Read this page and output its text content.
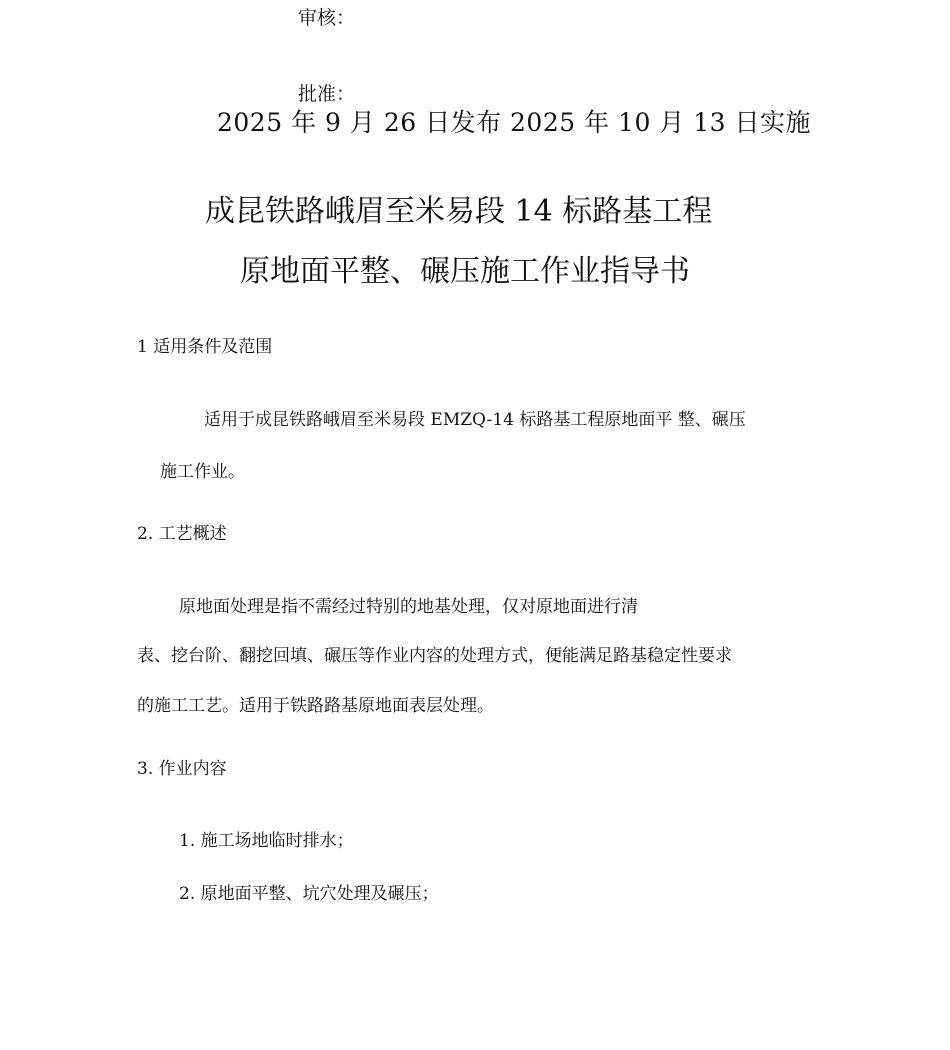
审核：
批准：
2025 年 9 月 26 日发布 2025 年 10 月 13 日实施
成昆铁路峨眉至米易段 14 标路基工程
原地面平整、碾压施工作业指导书
1 适用条件及范围
适用于成昆铁路峨眉至米易段 EMZQ-14 标路基工程原地面平 整、碾压
施工作业。
2. 工艺概述
原地面处理是指不需经过特别的地基处理，仅对原地面进行清
表、挖台阶、翻挖回填、碾压等作业内容的处理方式，便能满足路基稳定性要求
的施工工艺。适用于铁路路基原地面表层处理。
3. 作业内容
1. 施工场地临时排水；
2. 原地面平整、坑穴处理及碾压；
